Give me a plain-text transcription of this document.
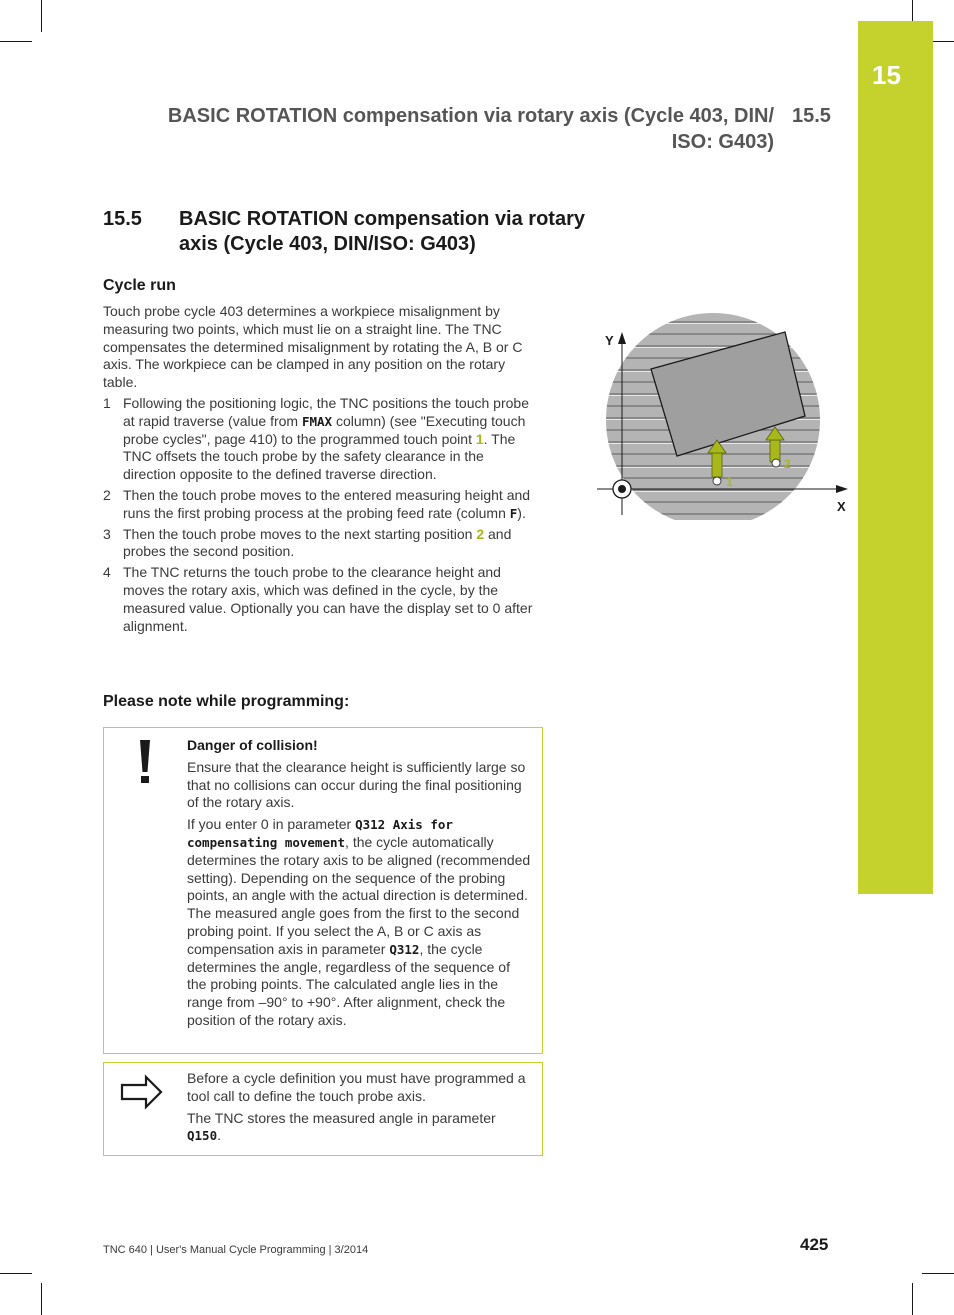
15
BASIC ROTATION compensation via rotary axis (Cycle 403, DIN/
ISO: G403)
15.5
15.5 BASIC ROTATION compensation via rotary axis (Cycle 403, DIN/ISO: G403)
Cycle run
Touch probe cycle 403 determines a workpiece misalignment by measuring two points, which must lie on a straight line. The TNC compensates the determined misalignment by rotating the A, B or C axis. The workpiece can be clamped in any position on the rotary table.
1 Following the positioning logic, the TNC positions the touch probe at rapid traverse (value from FMAX column) (see "Executing touch probe cycles", page 410) to the programmed touch point 1. The TNC offsets the touch probe by the safety clearance in the direction opposite to the defined traverse direction.
2 Then the touch probe moves to the entered measuring height and runs the first probing process at the probing feed rate (column F).
3 Then the touch probe moves to the next starting position 2 and probes the second position.
4 The TNC returns the touch probe to the clearance height and moves the rotary axis, which was defined in the cycle, by the measured value. Optionally you can have the display set to 0 after alignment.
Y
X
1
2
Please note while programming:

Danger of collision!

Ensure that the clearance height is sufficiently large so that no collisions can occur during the final positioning of the rotary axis.

If you enter 0 in parameter Q312 Axis for compensating movement, the cycle automatically determines the rotary axis to be aligned (recommended setting). Depending on the sequence of the probing points, an angle with the actual direction is determined. The measured angle goes from the first to the second probing point. If you select the A, B or C axis as compensation axis in parameter Q312, the cycle determines the angle, regardless of the sequence of the probing points. The calculated angle lies in the range from –90° to +90°. After alignment, check the position of the rotary axis.

Before a cycle definition you must have programmed a tool call to define the touch probe axis.

The TNC stores the measured angle in parameter Q150.

TNC 640 | User's Manual Cycle Programming | 3/2014	425
